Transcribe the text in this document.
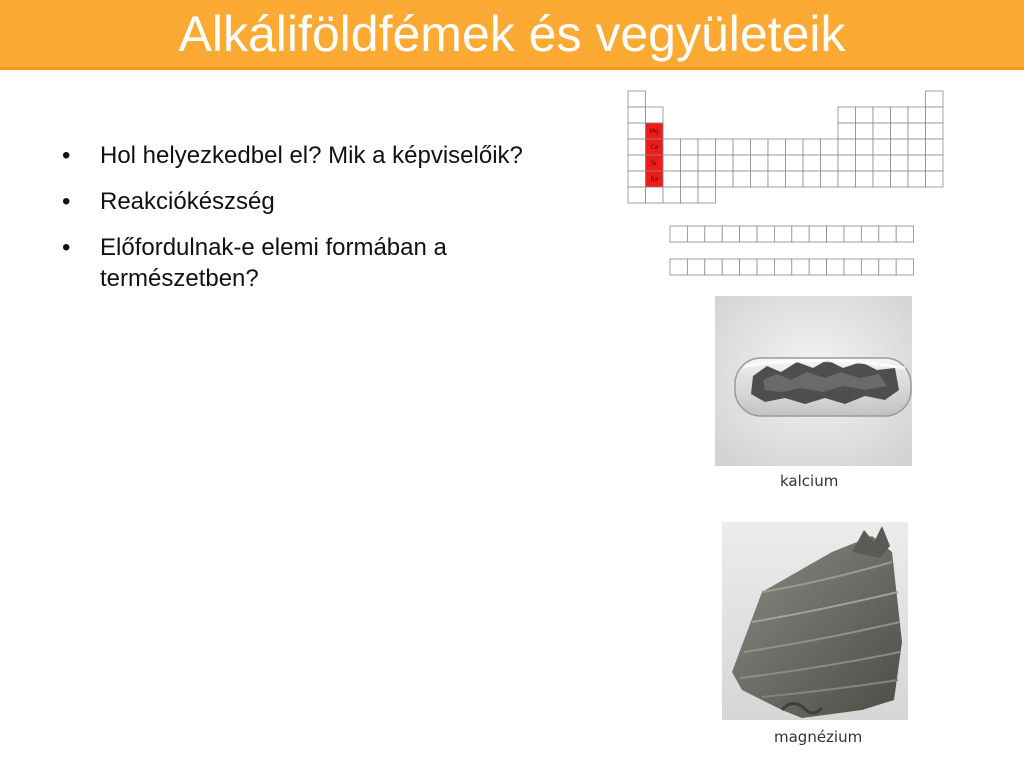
Alkáliföldfémek és vegyületeik
• Hol helyezkedbel el? Mik a képviselőik?
• Reakciókészség
• Előfordulnak-e elemi formában a természetben?
Mg
Ca
Sr
Ba
kalcium
magnézium
